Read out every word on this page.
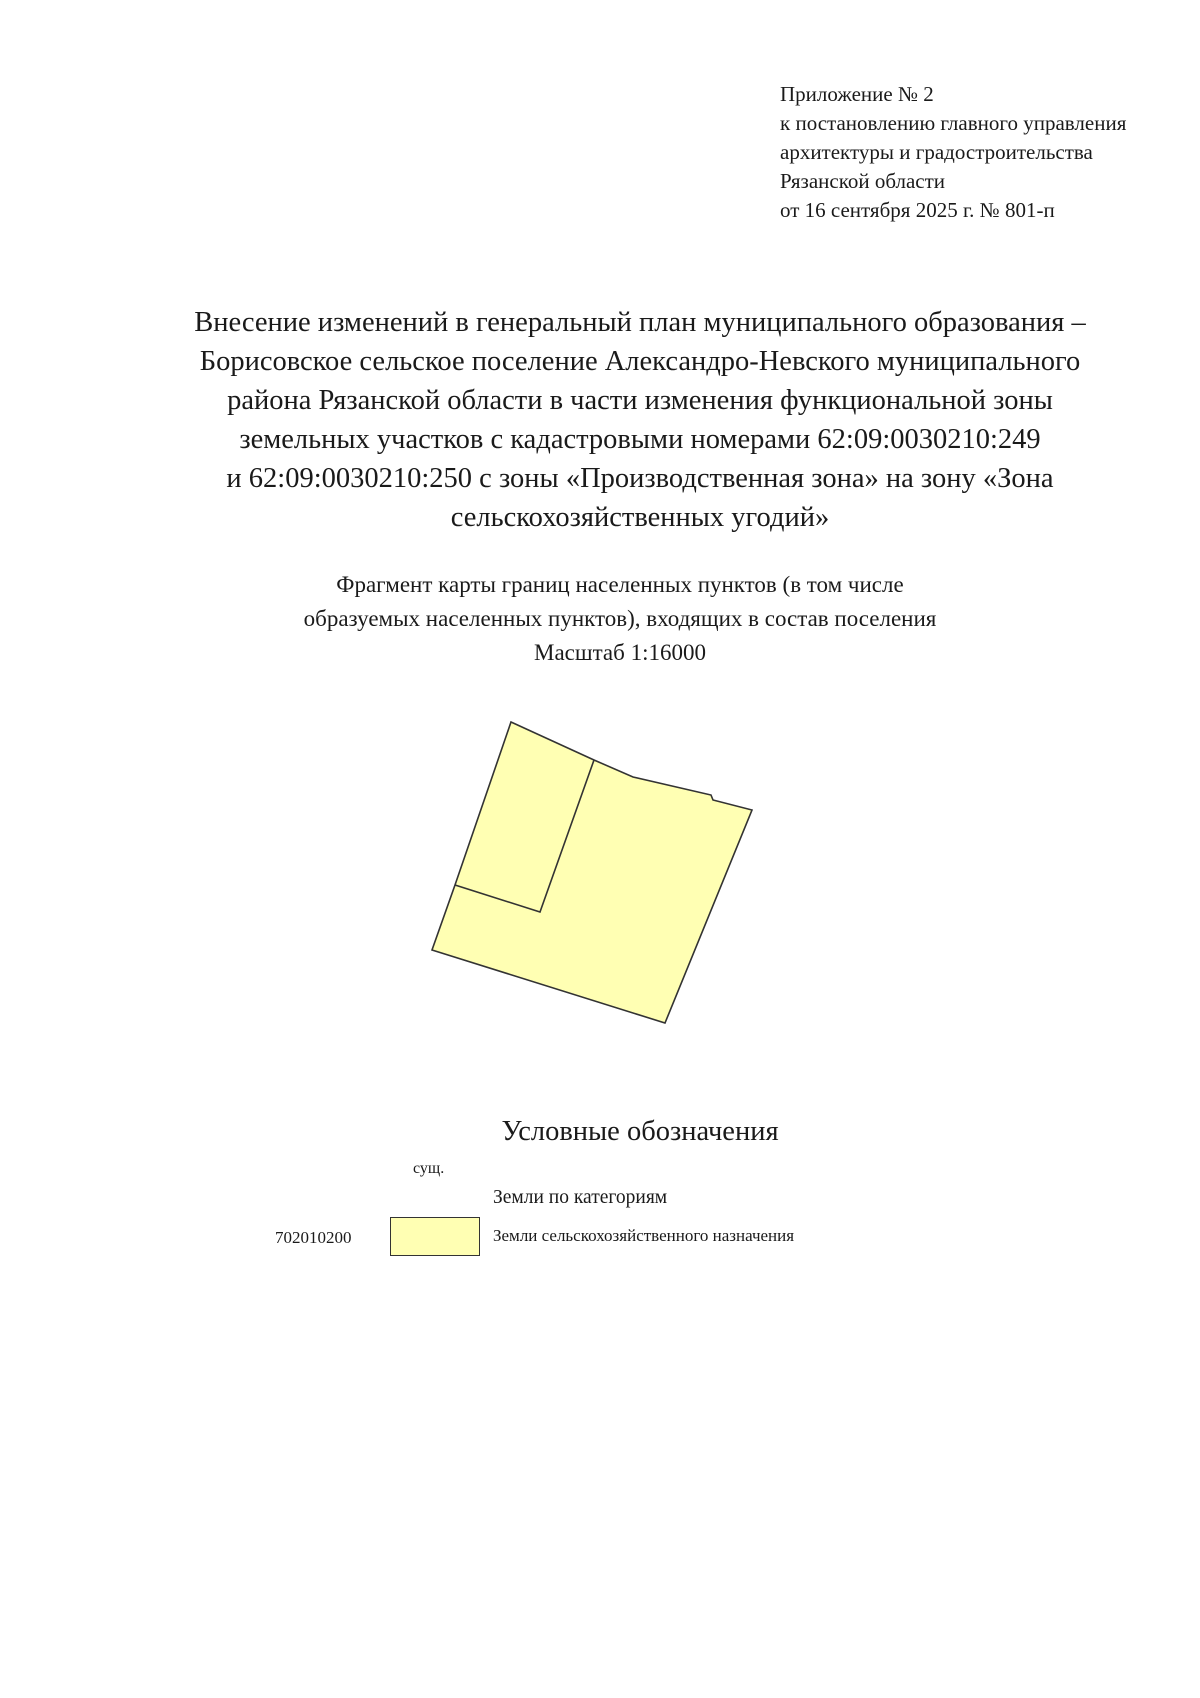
Приложение № 2
к постановлению главного управления
архитектуры и градостроительства
Рязанской области
от 16 сентября 2025 г. № 801-п
Внесение изменений в генеральный план муниципального образования –
Борисовское сельское поселение Александро-Невского муниципального
района Рязанской области в части изменения функциональной зоны
земельных участков с кадастровыми номерами 62:09:0030210:249
и 62:09:0030210:250 с зоны «Производственная зона» на зону «Зона
сельскохозяйственных угодий»
Фрагмент карты границ населенных пунктов (в том числе
образуемых населенных пунктов), входящих в состав поселения
Масштаб 1:16000
Условные обозначения
сущ.
Земли по категориям
702010200	Земли сельскохозяйственного назначения
